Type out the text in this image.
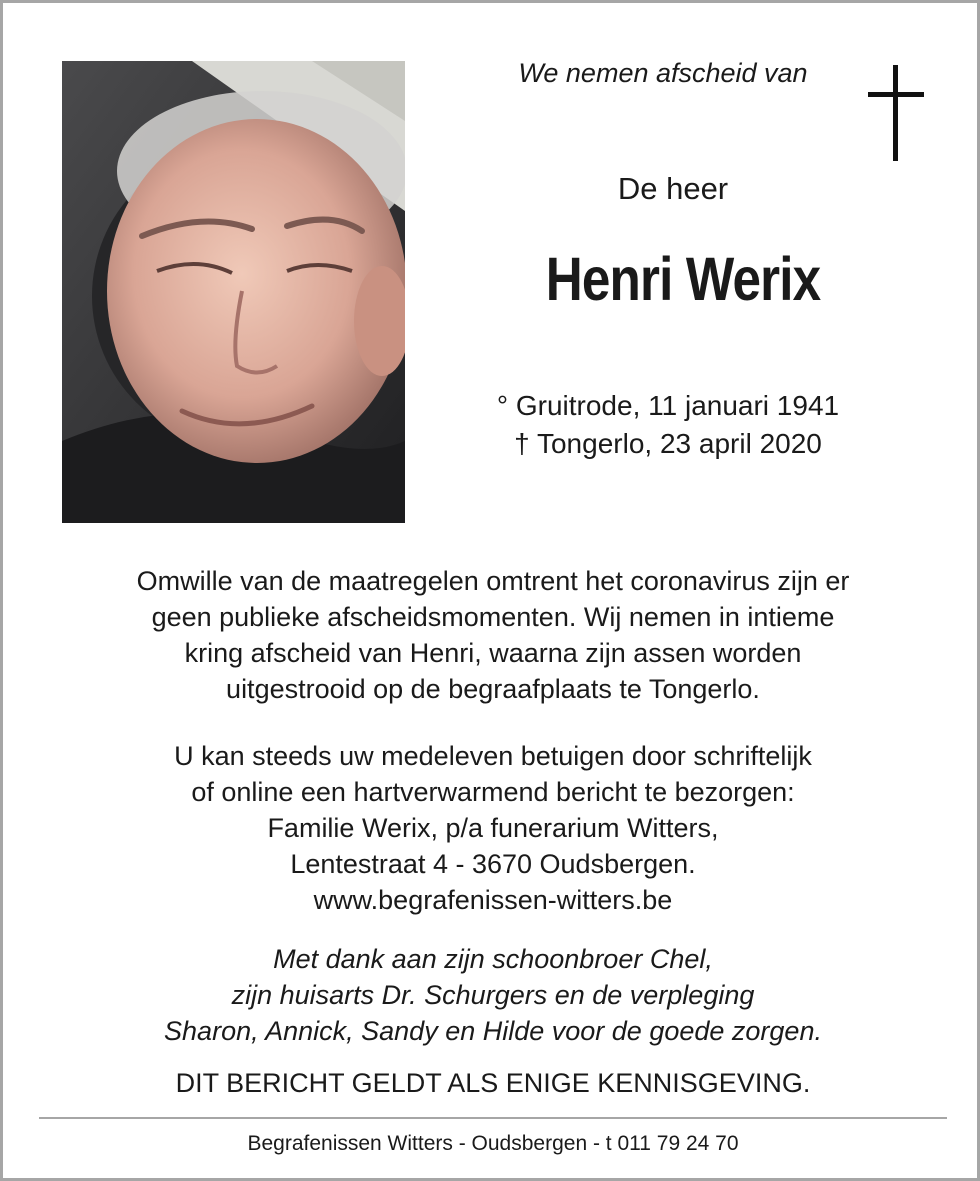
We nemen afscheid van
De heer
Henri Werix
° Gruitrode, 11 januari 1941
† Tongerlo, 23 april 2020
Omwille van de maatregelen omtrent het coronavirus zijn er
geen publieke afscheidsmomenten. Wij nemen in intieme
kring afscheid van Henri, waarna zijn assen worden
uitgestrooid op de begraafplaats te Tongerlo.
U kan steeds uw medeleven betuigen door schriftelijk
of online een hartverwarmend bericht te bezorgen:
Familie Werix, p/a funerarium Witters,
Lentestraat 4 - 3670 Oudsbergen.
www.begrafenissen-witters.be
Met dank aan zijn schoonbroer Chel,
zijn huisarts Dr. Schurgers en de verpleging
Sharon, Annick, Sandy en Hilde voor de goede zorgen.
DIT BERICHT GELDT ALS ENIGE KENNISGEVING.
Begrafenissen Witters - Oudsbergen - t 011 79 24 70
